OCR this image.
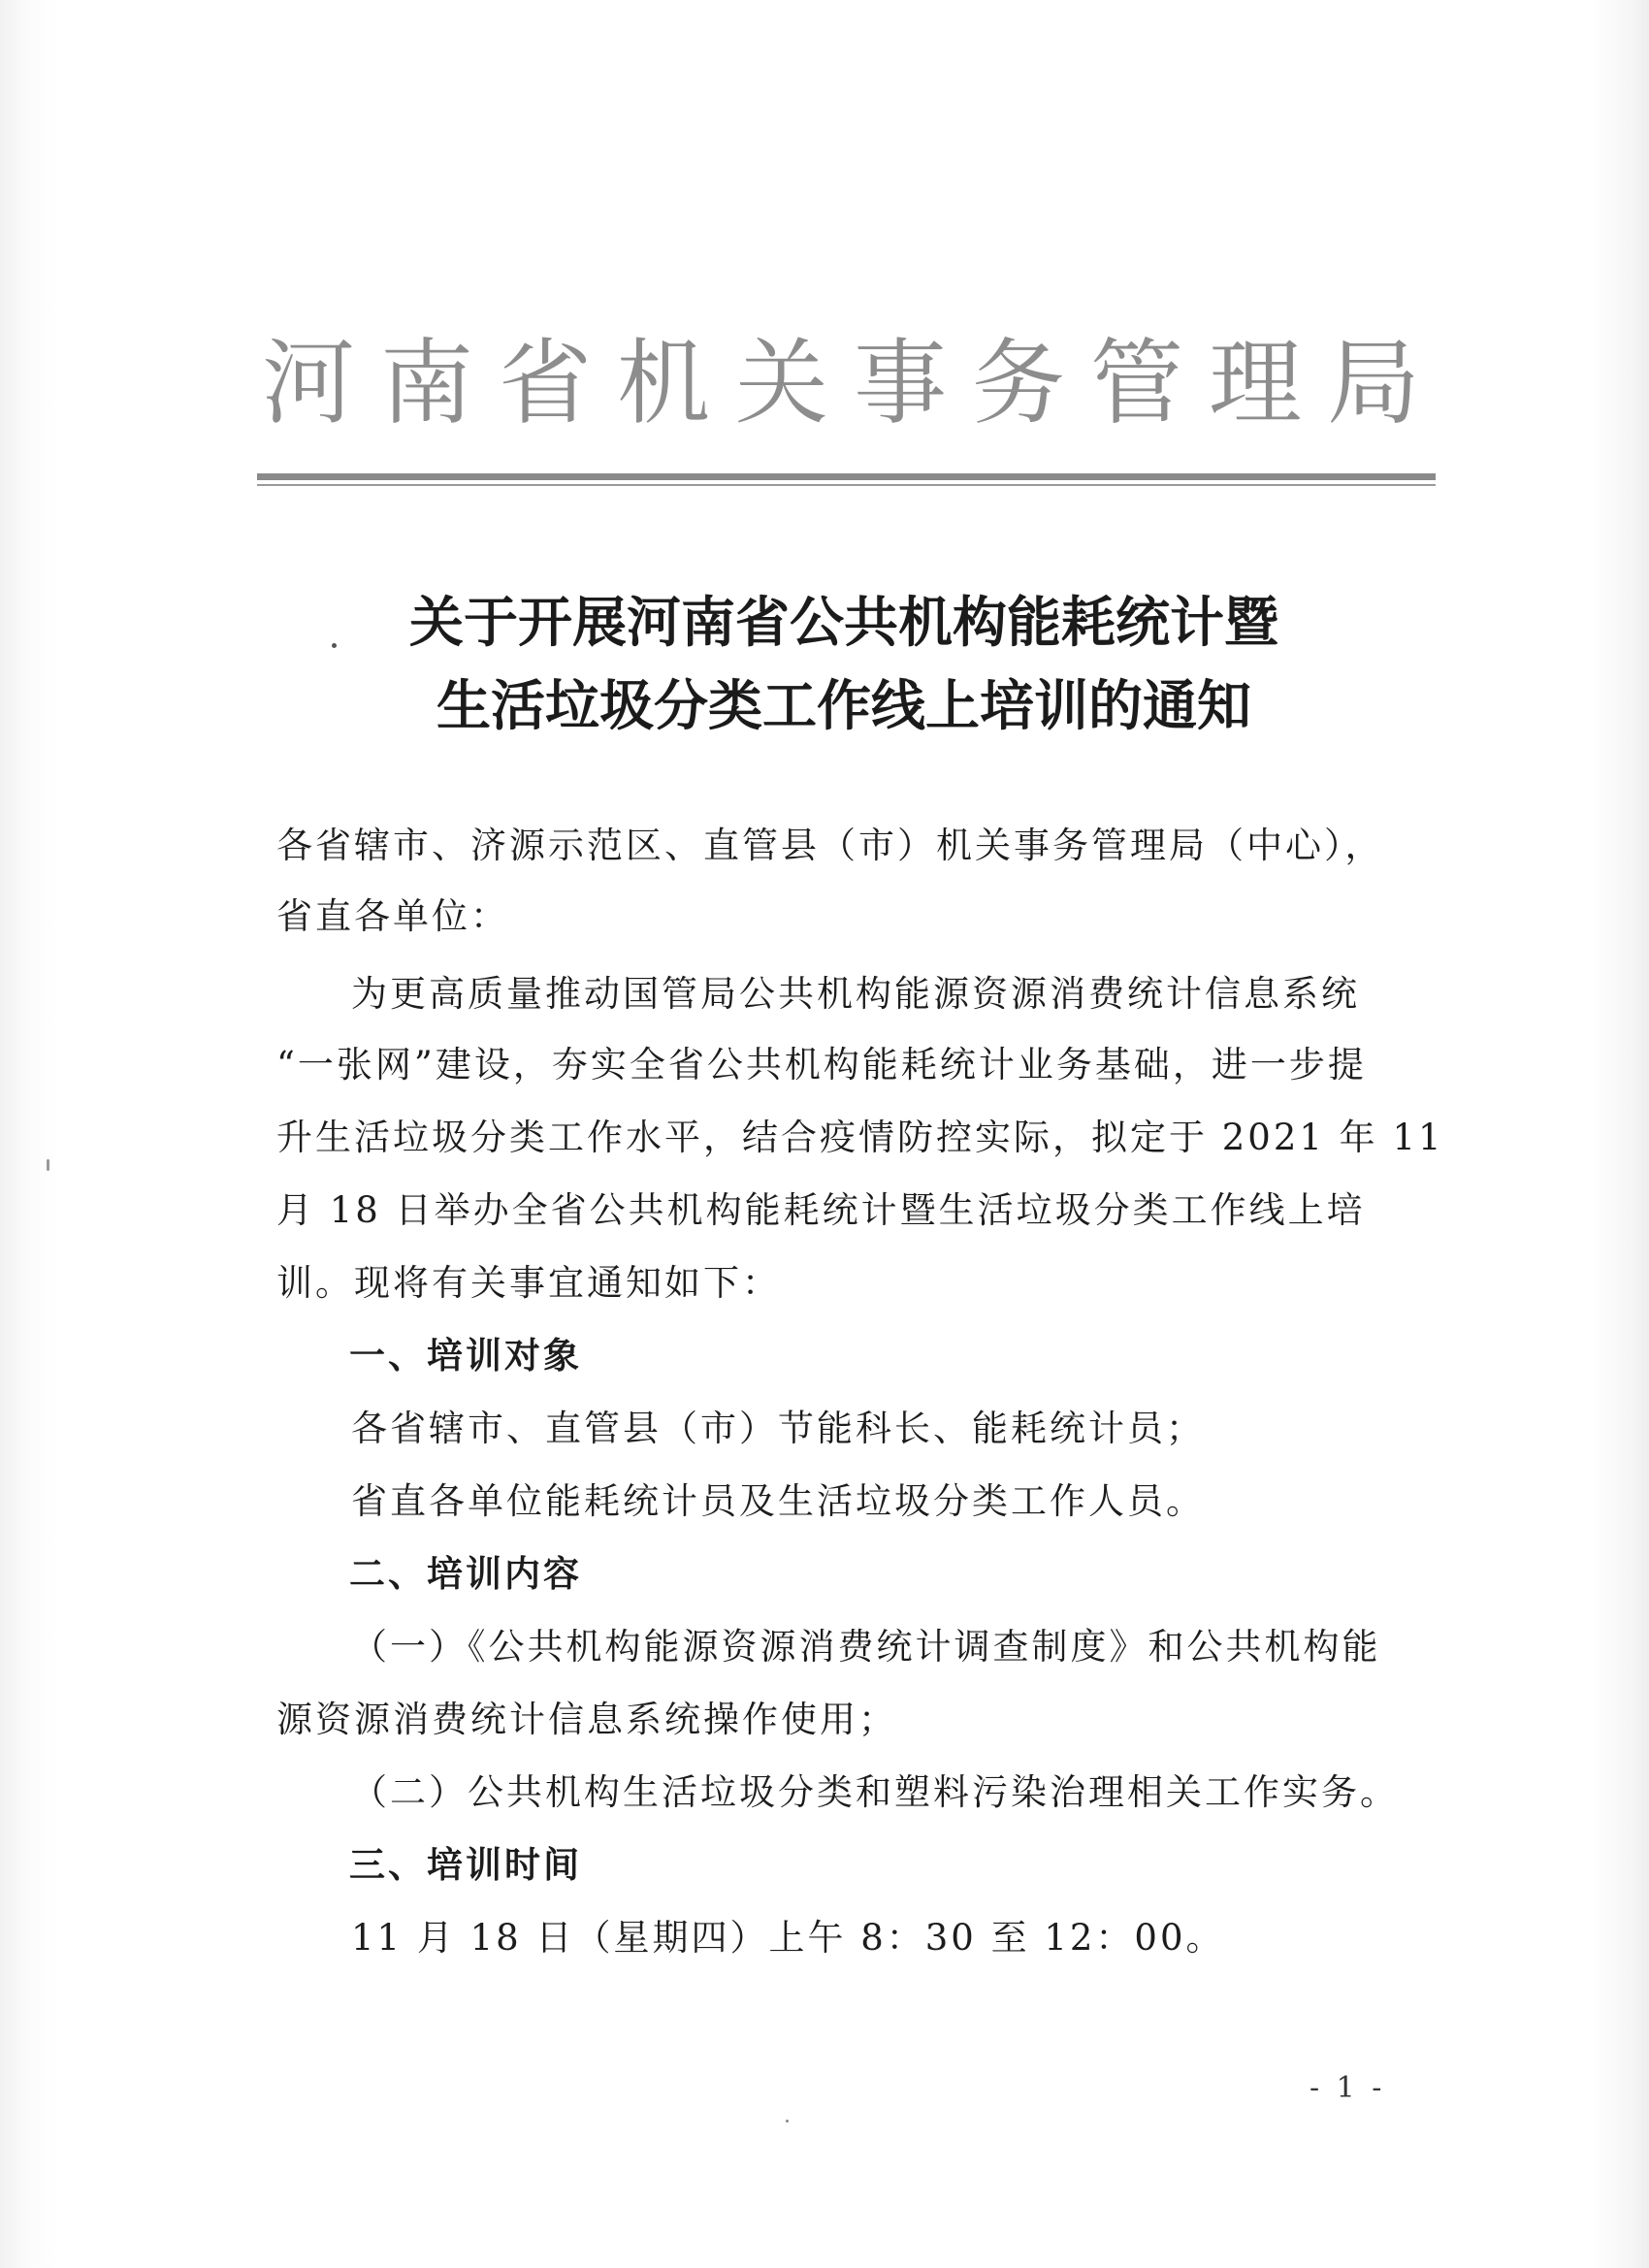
河南省机关事务管理局
关于开展河南省公共机构能耗统计暨
生活垃圾分类工作线上培训的通知
各省辖市、济源示范区、直管县（市）机关事务管理局（中心），
省直各单位：
为更高质量推动国管局公共机构能源资源消费统计信息系统
“一张网”建设，夯实全省公共机构能耗统计业务基础，进一步提
升生活垃圾分类工作水平，结合疫情防控实际，拟定于 2021 年 11
月 18 日举办全省公共机构能耗统计暨生活垃圾分类工作线上培
训。现将有关事宜通知如下：
一、培训对象
各省辖市、直管县（市）节能科长、能耗统计员；
省直各单位能耗统计员及生活垃圾分类工作人员。
二、培训内容
（一）《公共机构能源资源消费统计调查制度》和公共机构能
源资源消费统计信息系统操作使用；
（二）公共机构生活垃圾分类和塑料污染治理相关工作实务。
三、培训时间
11 月 18 日（星期四）上午 8：30 至 12：00。
- 1 -
